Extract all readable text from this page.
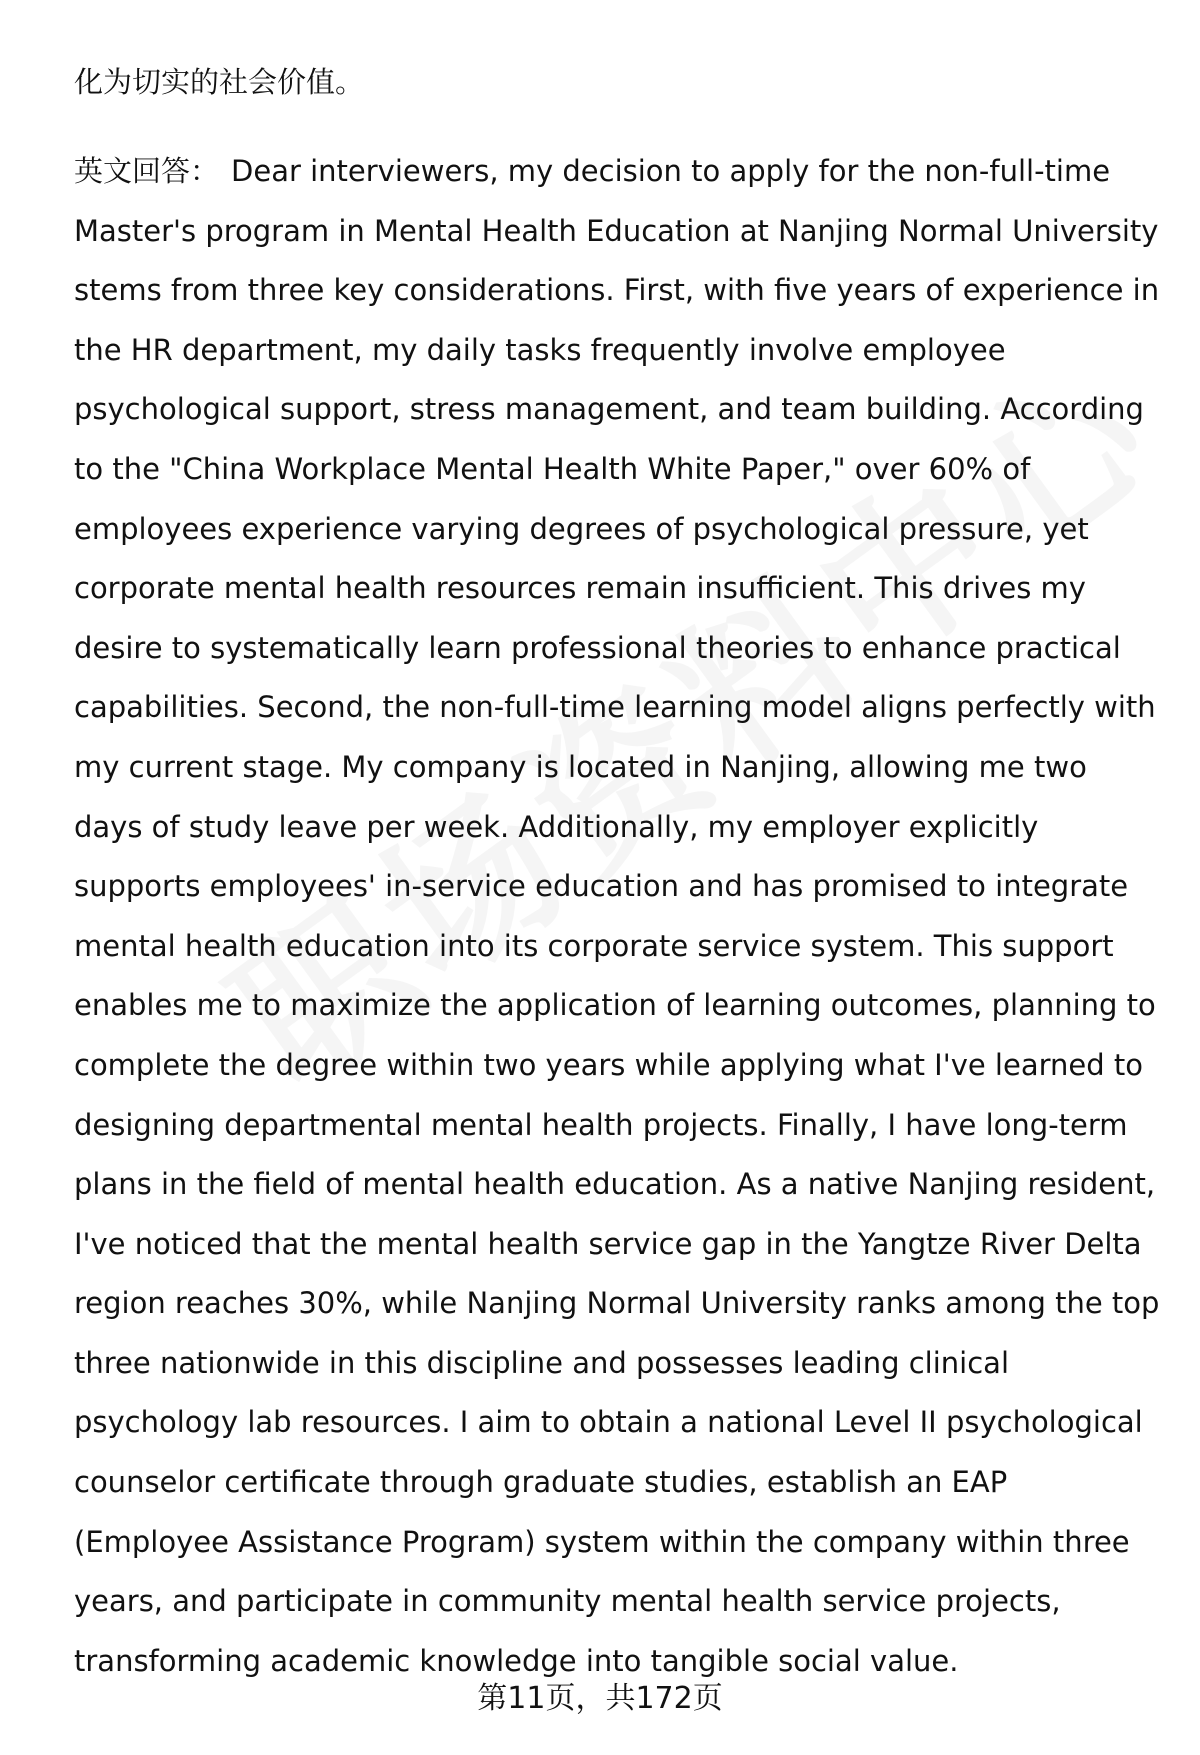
化为切实的社会价值。

英文回答： Dear interviewers, my decision to apply for the non-full-time Master's program in Mental Health Education at Nanjing Normal University stems from three key considerations. First, with five years of experience in the HR department, my daily tasks frequently involve employee psychological support, stress management, and team building. According to the "China Workplace Mental Health White Paper," over 60% of employees experience varying degrees of psychological pressure, yet corporate mental health resources remain insufficient. This drives my desire to systematically learn professional theories to enhance practical capabilities. Second, the non-full-time learning model aligns perfectly with my current stage. My company is located in Nanjing, allowing me two days of study leave per week. Additionally, my employer explicitly supports employees' in-service education and has promised to integrate mental health education into its corporate service system. This support enables me to maximize the application of learning outcomes, planning to complete the degree within two years while applying what I've learned to designing departmental mental health projects. Finally, I have long-term plans in the field of mental health education. As a native Nanjing resident, I've noticed that the mental health service gap in the Yangtze River Delta region reaches 30%, while Nanjing Normal University ranks among the top three nationwide in this discipline and possesses leading clinical psychology lab resources. I aim to obtain a national Level II psychological counselor certificate through graduate studies, establish an EAP (Employee Assistance Program) system within the company within three years, and participate in community mental health service projects, transforming academic knowledge into tangible social value.

第11页，共172页
